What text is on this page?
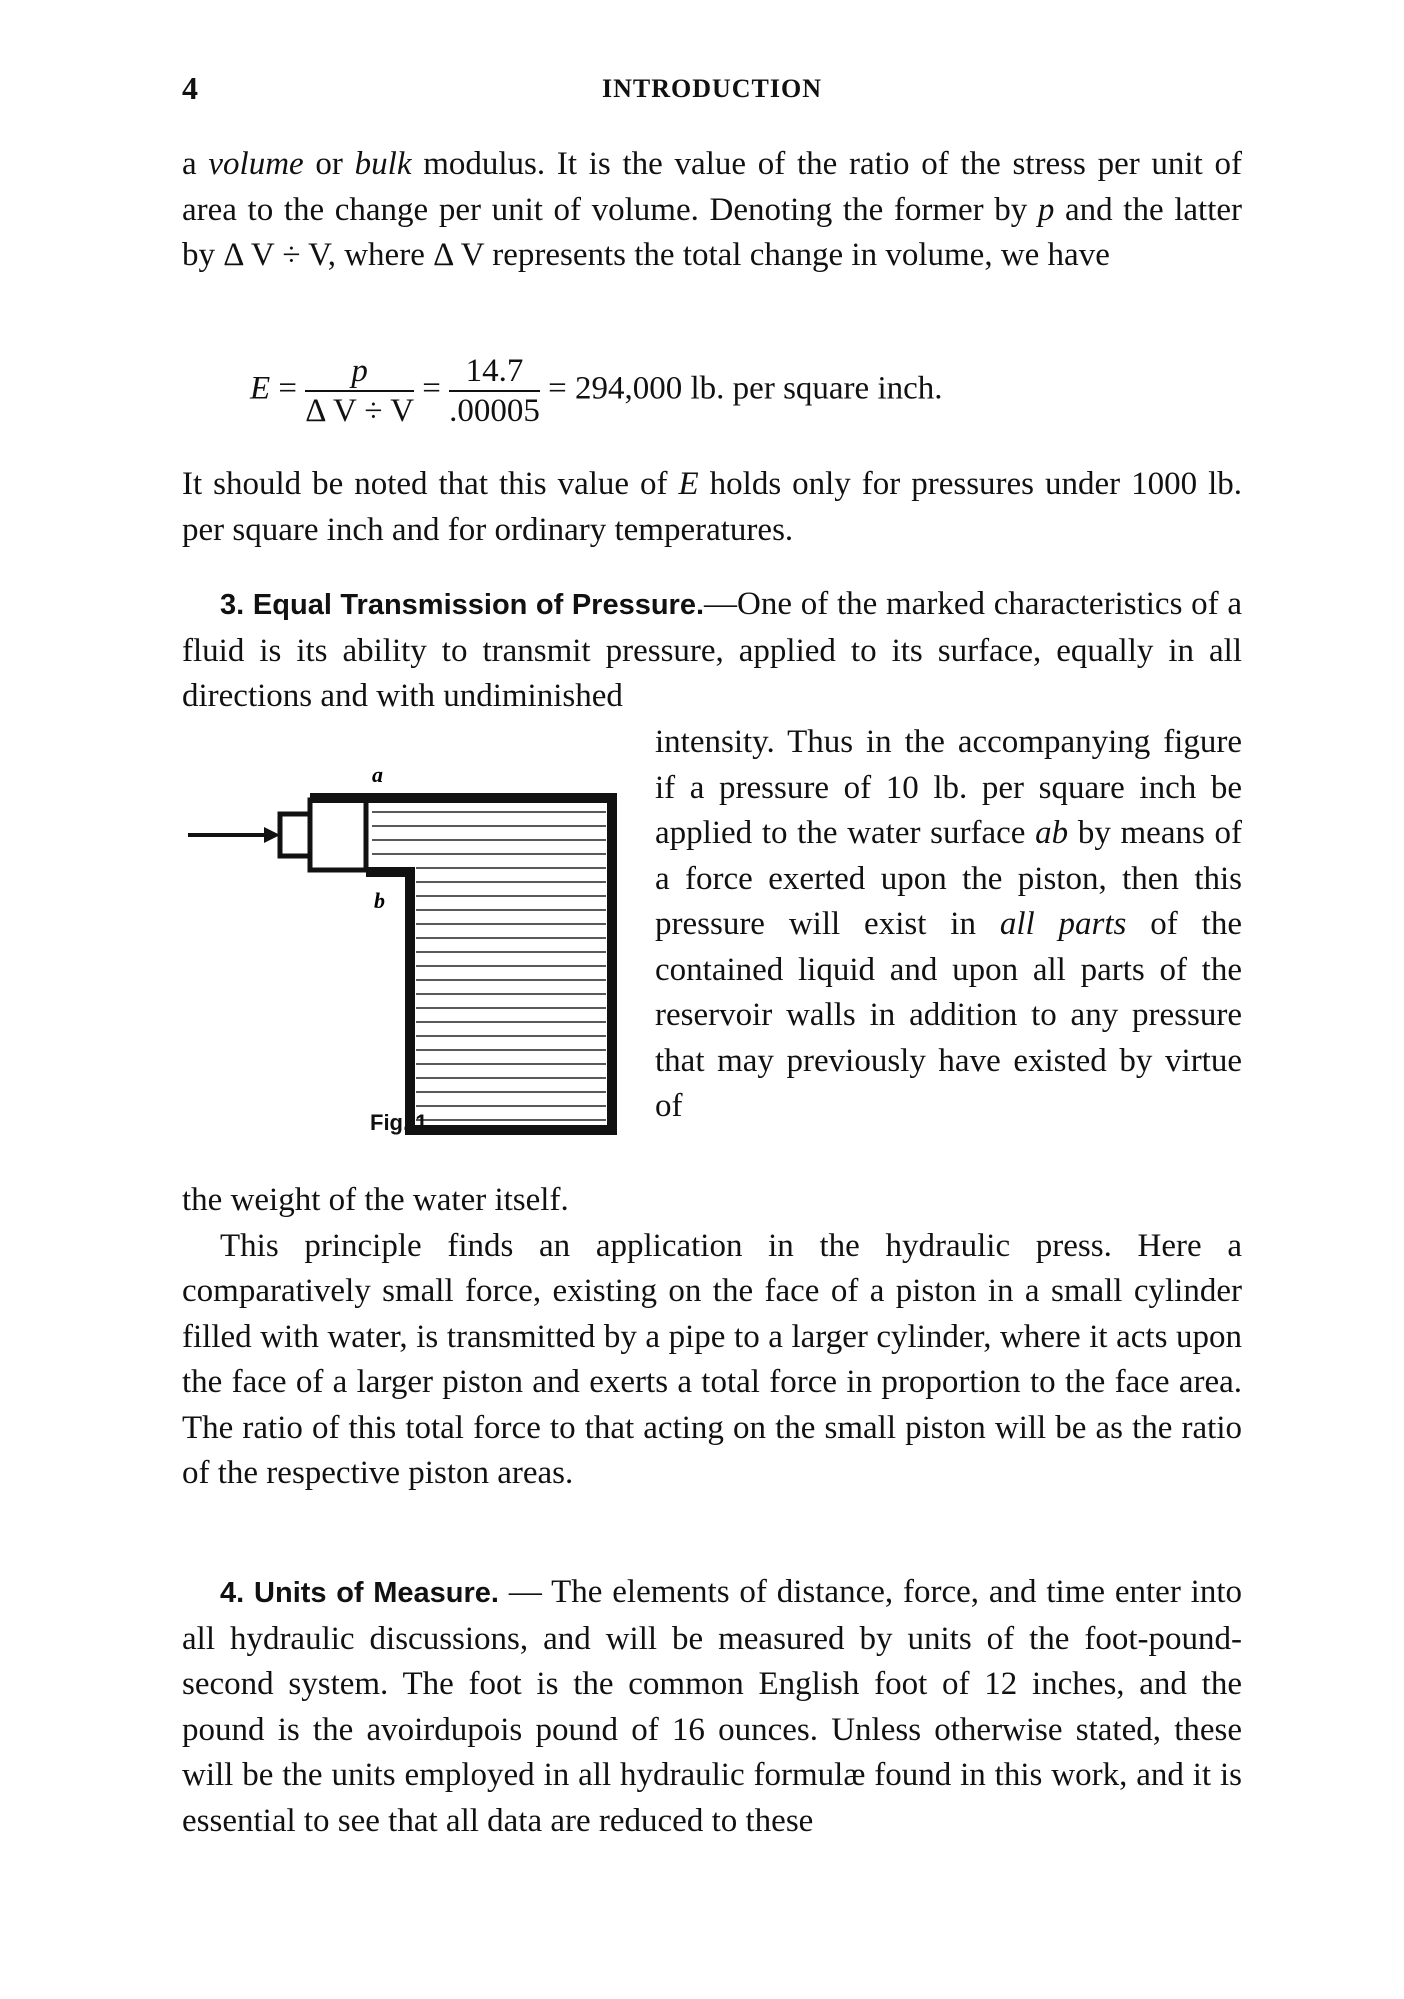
4	INTRODUCTION

a volume or bulk modulus. It is the value of the ratio of the stress per unit of area to the change per unit of volume. Denoting the former by p and the latter by Δ V ÷ V, where Δ V represents the total change in volume, we have

$E = \frac{p}{\text{Δ V ÷ V}} = \frac{14.7}{.00005} = 294,000$ lb. per square inch.

It should be noted that this value of E holds only for pressures under 1000 lb. per square inch and for ordinary temperatures.

3. Equal Transmission of Pressure.—One of the marked characteristics of a fluid is its ability to transmit pressure, applied to its surface, equally in all directions and with undiminished

a
b
Fig. 1.

intensity. Thus in the accompanying figure if a pressure of 10 lb. per square inch be applied to the water surface ab by means of a force exerted upon the piston, then this pressure will exist in all parts of the contained liquid and upon all parts of the reservoir walls in addition to any pressure that may previously have existed by virtue of

the weight of the water itself.

This principle finds an application in the hydraulic press. Here a comparatively small force, existing on the face of a piston in a small cylinder filled with water, is transmitted by a pipe to a larger cylinder, where it acts upon the face of a larger piston and exerts a total force in proportion to the face area. The ratio of this total force to that acting on the small piston will be as the ratio of the respective piston areas.

4. Units of Measure. — The elements of distance, force, and time enter into all hydraulic discussions, and will be measured by units of the foot-pound-second system. The foot is the common English foot of 12 inches, and the pound is the avoirdupois pound of 16 ounces. Unless otherwise stated, these will be the units employed in all hydraulic formulæ found in this work, and it is essential to see that all data are reduced to these
